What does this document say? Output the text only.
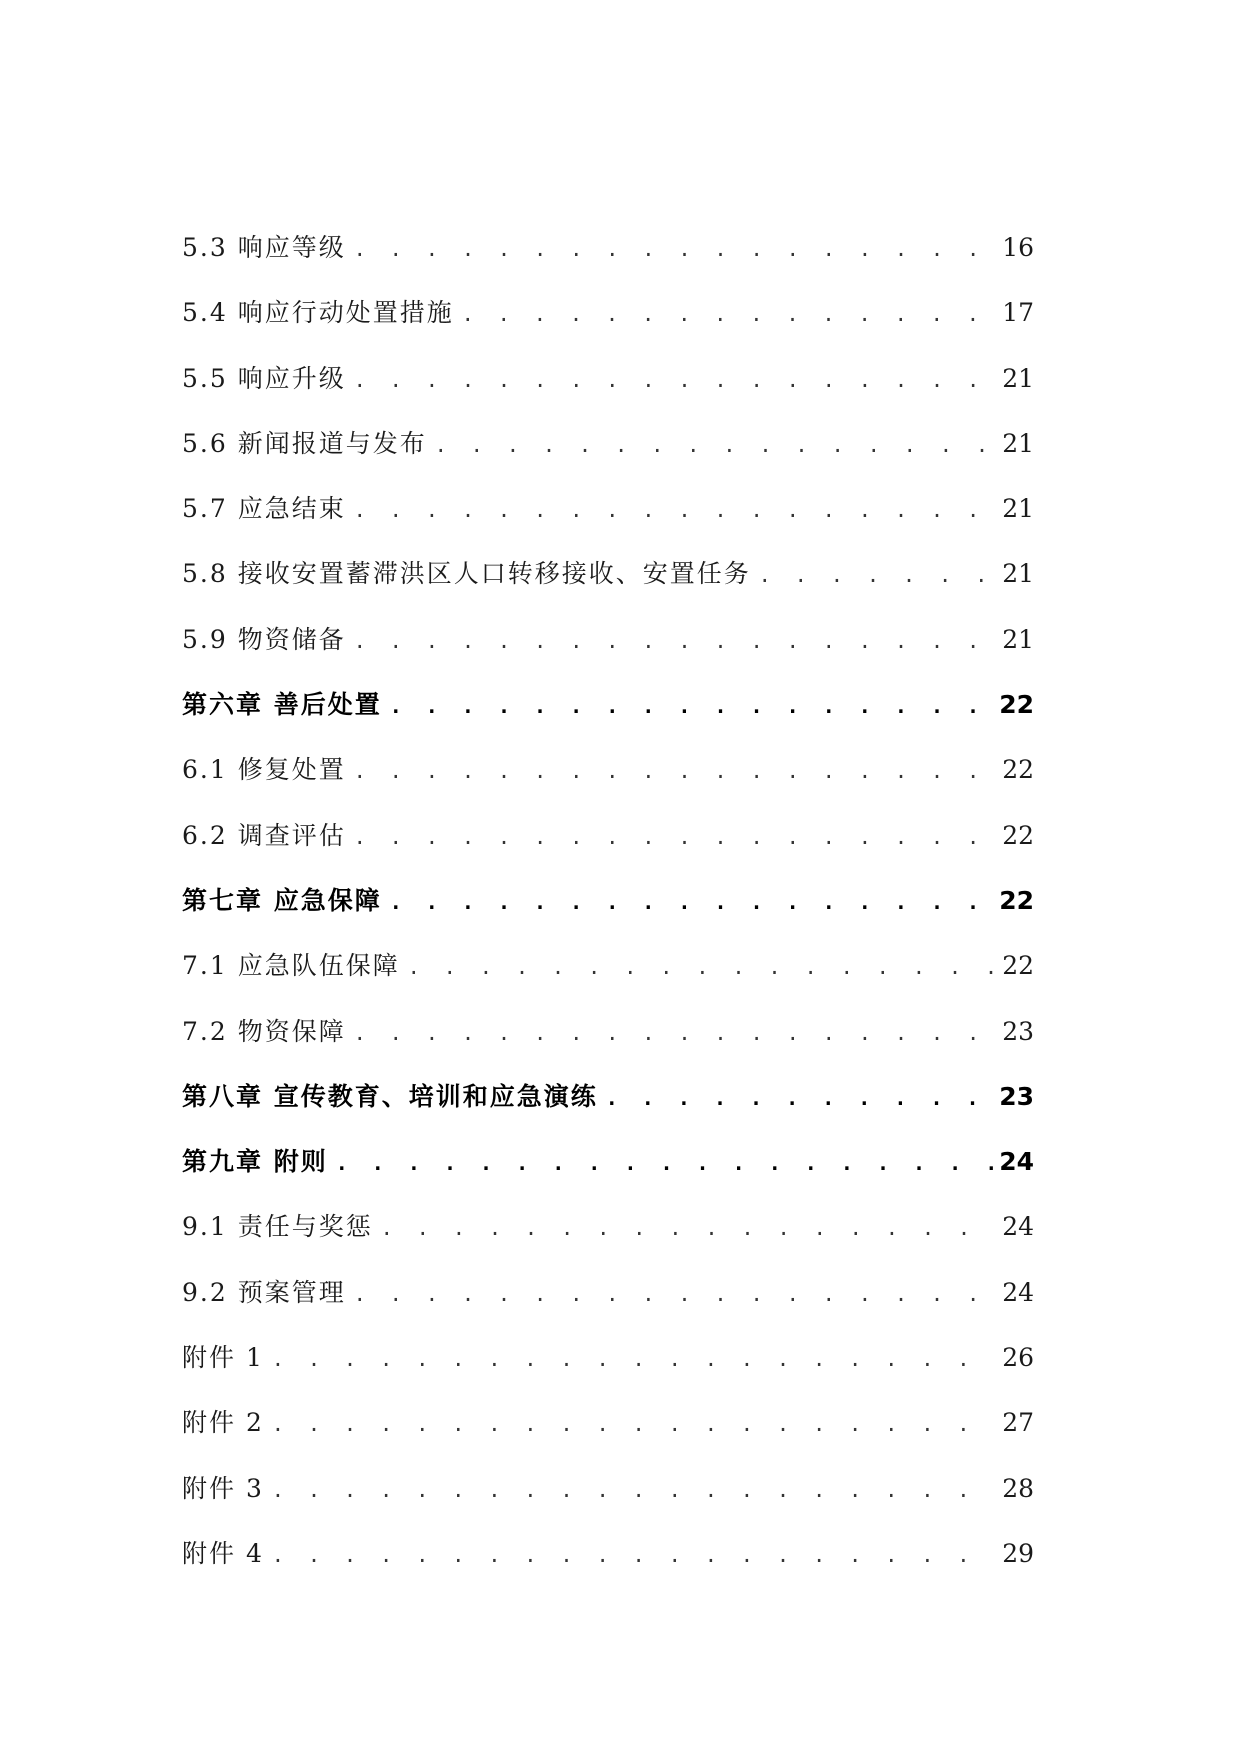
5.3 响应等级 . . .	16
5.4 响应行动处置措施 . . .	17
5.5 响应升级 . . .	21
5.6 新闻报道与发布 . . .	21
5.7 应急结束 . . .	21
5.8 接收安置蓄滞洪区人口转移接收、安置任务 . . .	21
5.9 物资储备 . . .	21
第六章 善后处置 . . .	22
6.1 修复处置 . . .	22
6.2 调查评估 . . .	22
第七章 应急保障 . . .	22
7.1 应急队伍保障 . . .	22
7.2 物资保障 . . .	23
第八章 宣传教育、培训和应急演练 . . .	23
第九章 附则 . . .	24
9.1 责任与奖惩 . . .	24
9.2 预案管理 . . .	24
附件 1 . . .	26
附件 2 . . .	27
附件 3 . . .	28
附件 4 . . .	29
